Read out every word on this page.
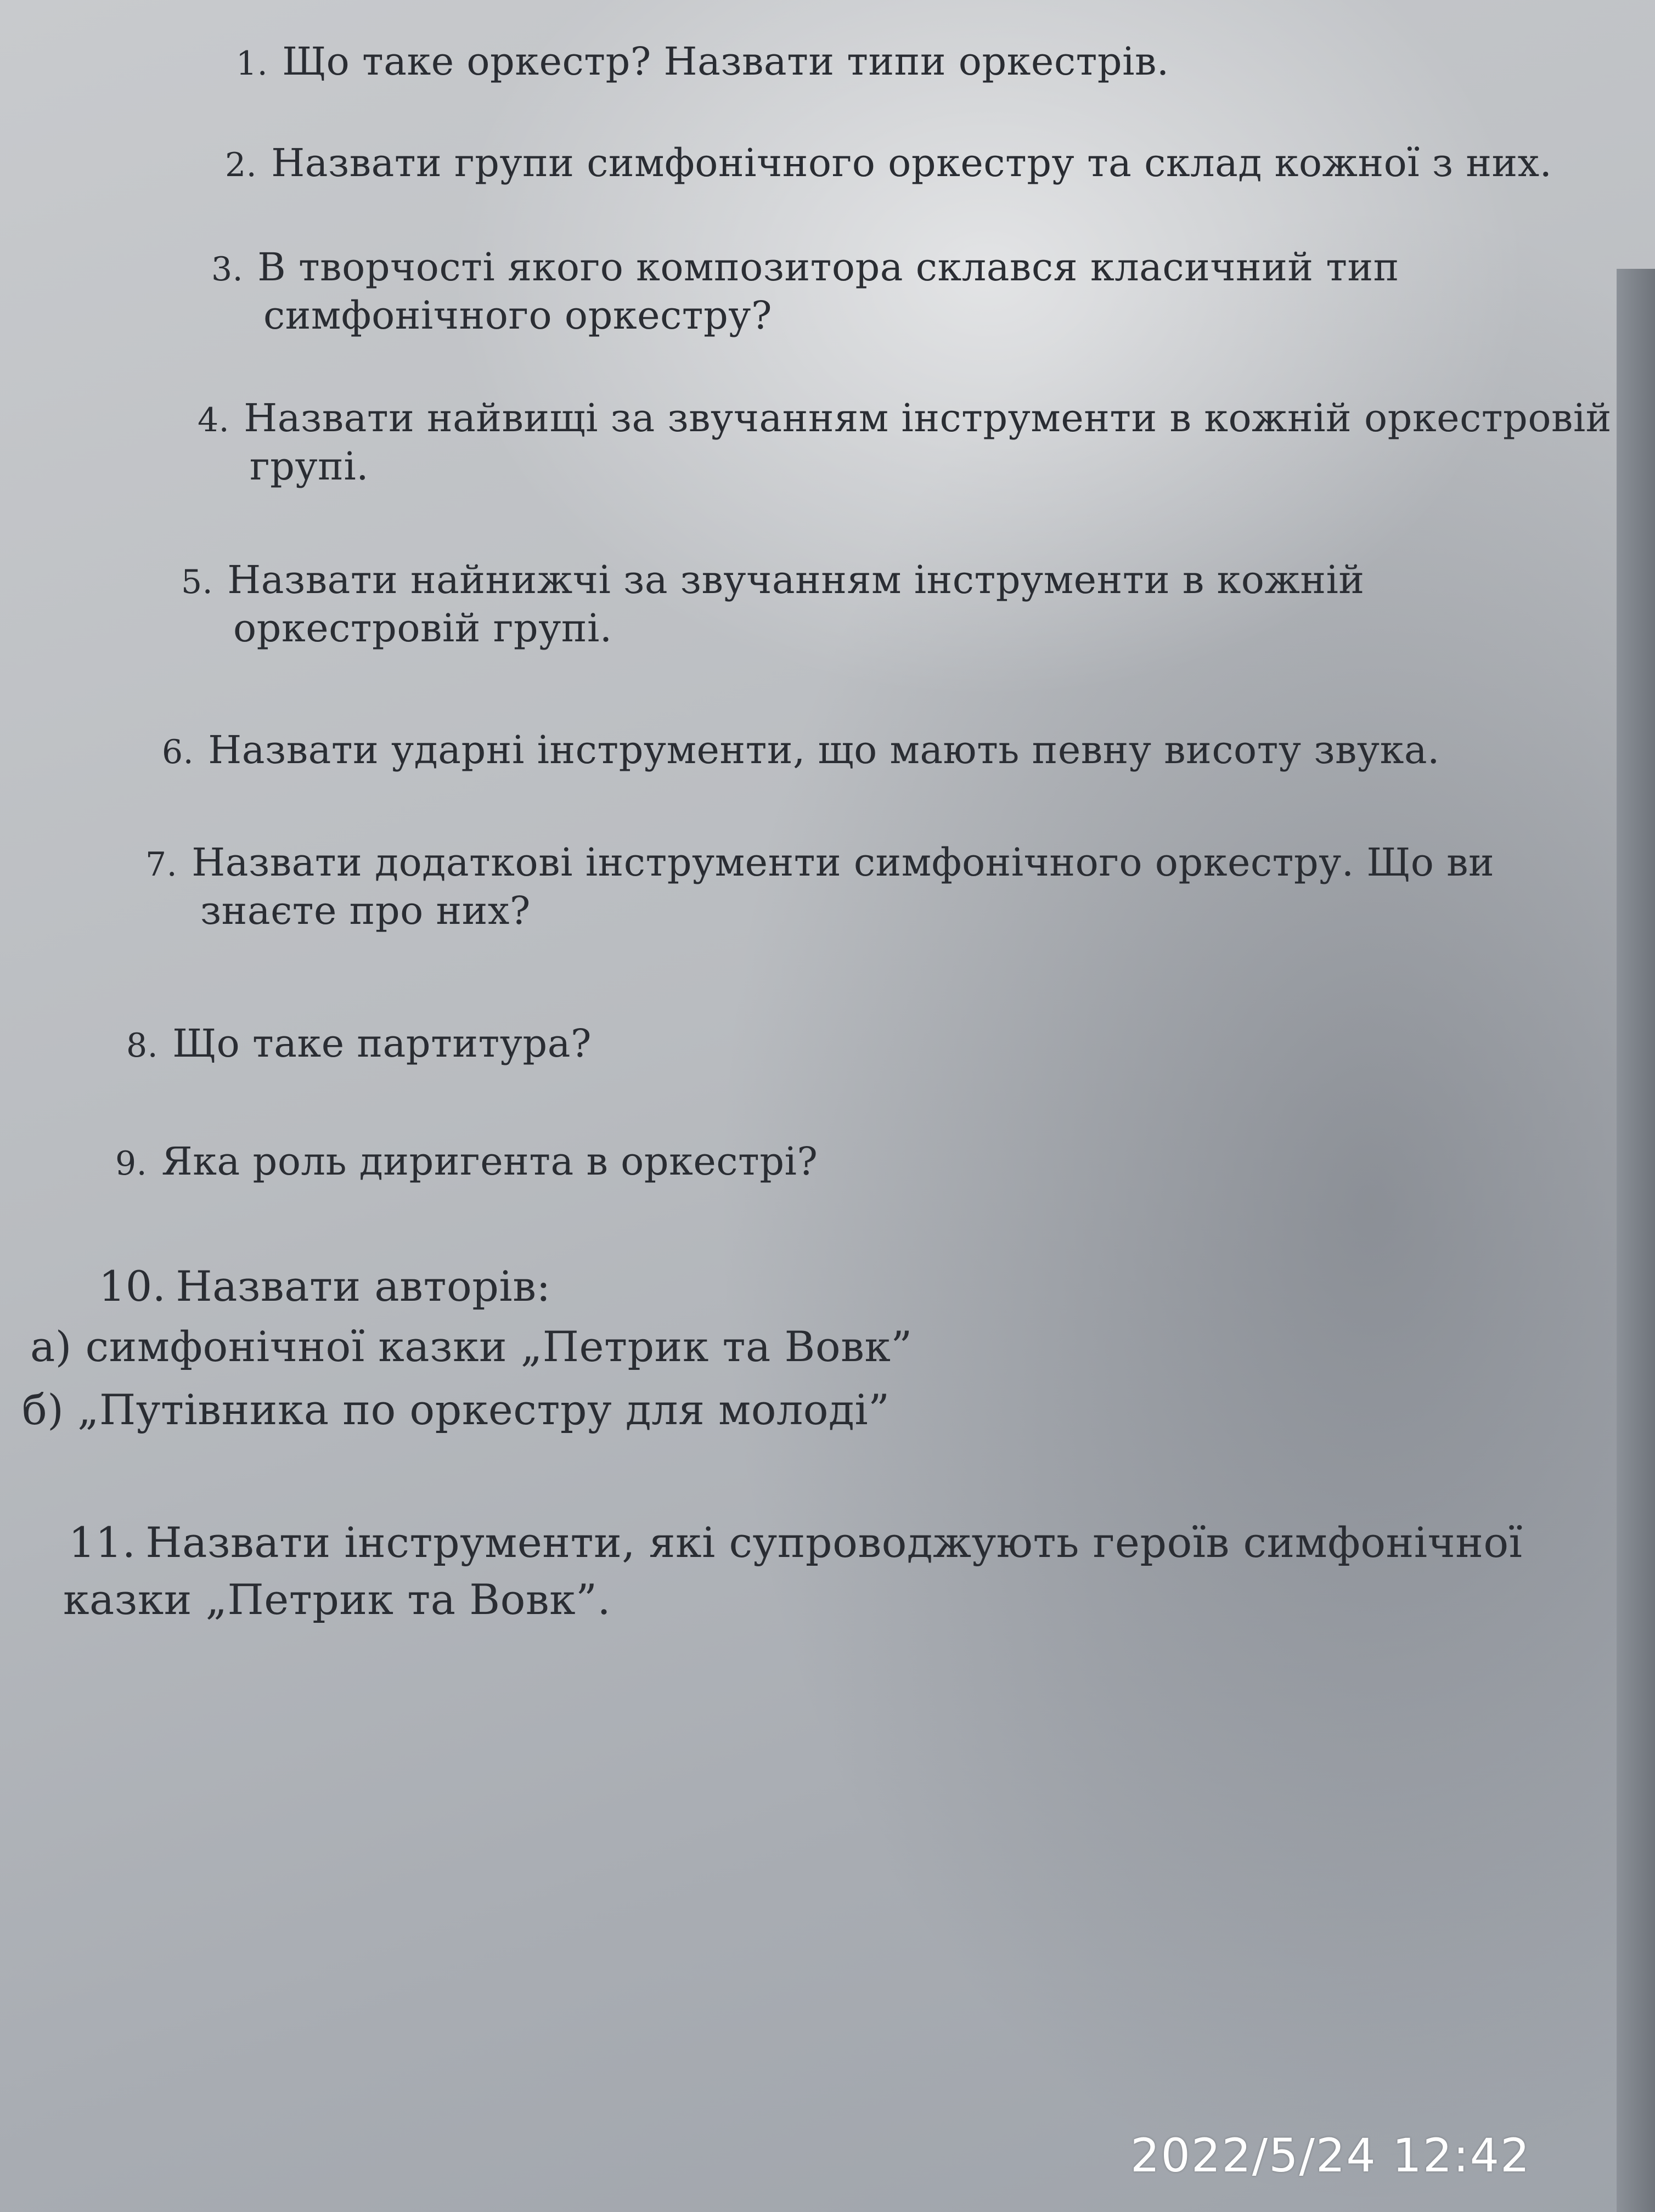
1. Що таке оркестр? Назвати типи оркестрів.
2. Назвати групи симфонічного оркестру та склад кожної з них.
3. В творчості якого композитора склався класичний тип
симфонічного оркестру?
4. Назвати найвищі за звучанням інструменти в кожній оркестровій
групі.
5. Назвати найнижчі за звучанням інструменти в кожній
оркестровій групі.
6. Назвати ударні інструменти, що мають певну висоту звука.
7. Назвати додаткові інструменти симфонічного оркестру. Що ви
знаєте про них?
8. Що таке партитура?
9. Яка роль диригента в оркестрі?
10. Назвати авторів:
а) симфонічної казки „Петрик та Вовк”
б) „Путівника по оркестру для молоді”
11. Назвати інструменти, які супроводжують героїв симфонічної
казки „Петрик та Вовк”.
2022/5/24 12:42
